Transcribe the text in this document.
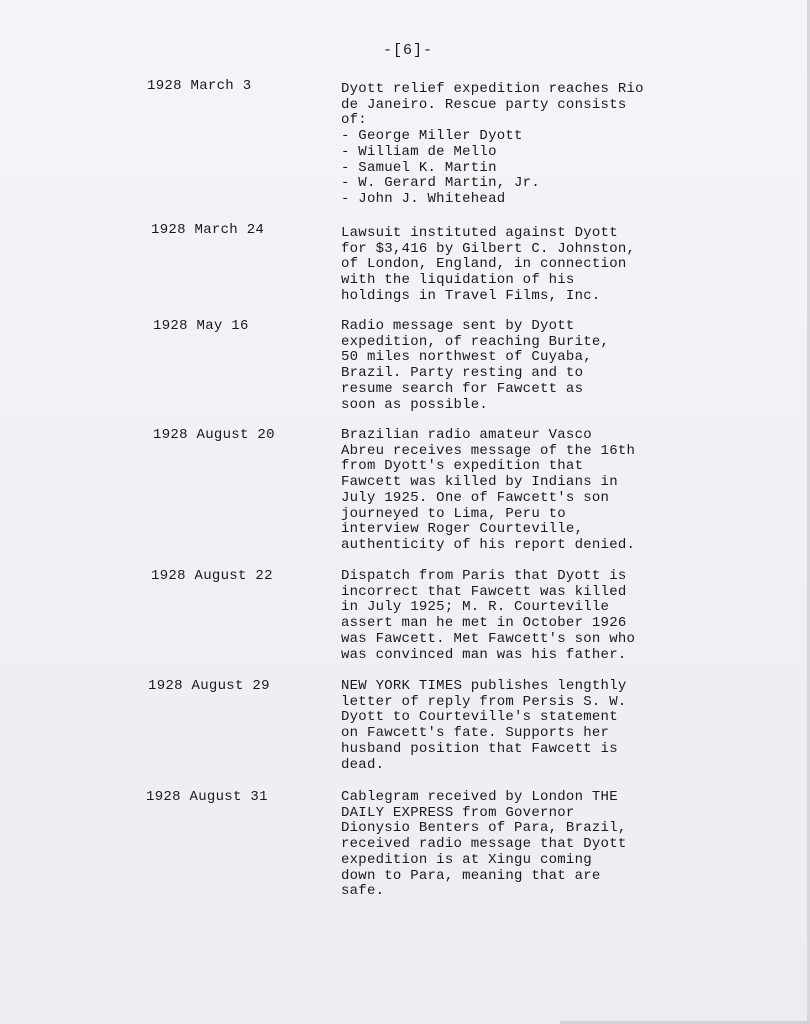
-[6]-
1928 March 3	Dyott relief expedition reaches Rio
de Janeiro. Rescue party consists
of:
- George Miller Dyott
- William de Mello
- Samuel K. Martin
- W. Gerard Martin, Jr.
- John J. Whitehead
1928 March 24	Lawsuit instituted against Dyott
for $3,416 by Gilbert C. Johnston,
of London, England, in connection
with the liquidation of his
holdings in Travel Films, Inc.
1928 May 16	Radio message sent by Dyott
expedition, of reaching Burite,
50 miles northwest of Cuyaba,
Brazil. Party resting and to
resume search for Fawcett as
soon as possible.
1928 August 20	Brazilian radio amateur Vasco
Abreu receives message of the 16th
from Dyott's expedition that
Fawcett was killed by Indians in
July 1925. One of Fawcett's son
journeyed to Lima, Peru to
interview Roger Courteville,
authenticity of his report denied.
1928 August 22	Dispatch from Paris that Dyott is
incorrect that Fawcett was killed
in July 1925; M. R. Courteville
assert man he met in October 1926
was Fawcett. Met Fawcett's son who
was convinced man was his father.
1928 August 29	NEW YORK TIMES publishes lengthly
letter of reply from Persis S. W.
Dyott to Courteville's statement
on Fawcett's fate. Supports her
husband position that Fawcett is
dead.
1928 August 31	Cablegram received by London THE
DAILY EXPRESS from Governor
Dionysio Benters of Para, Brazil,
received radio message that Dyott
expedition is at Xingu coming
down to Para, meaning that are
safe.
